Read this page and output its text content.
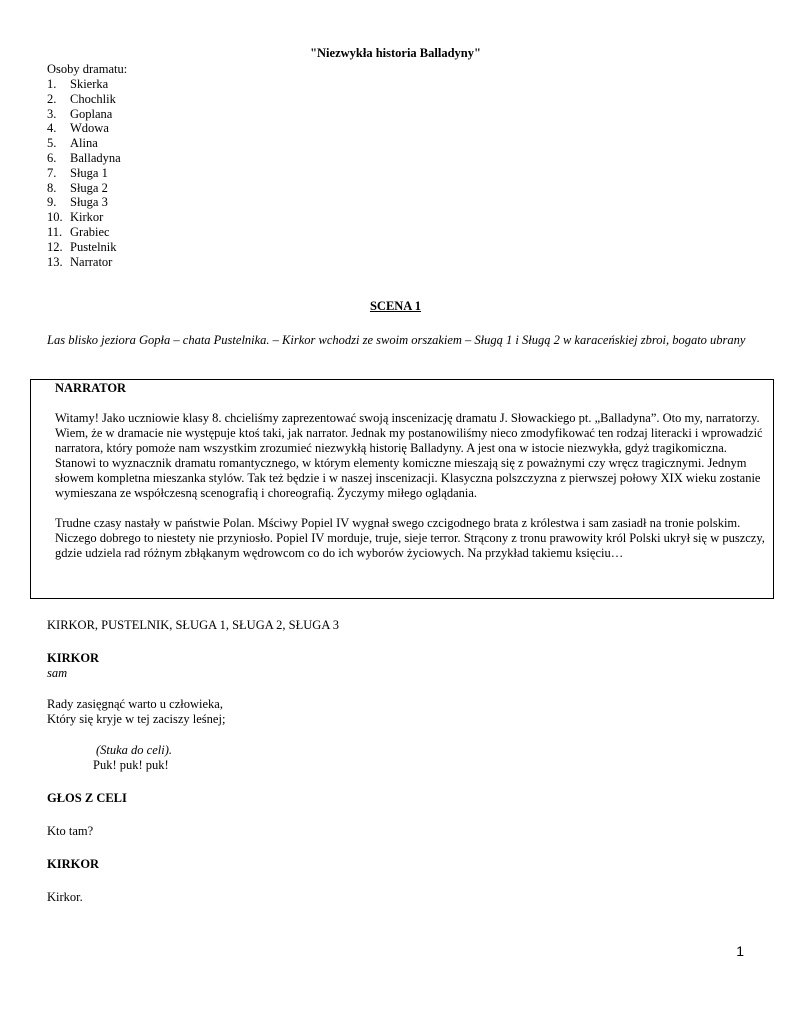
"Niezwykła historia Balladyny"
Osoby dramatu:
1. Skierka
2. Chochlik
3. Goplana
4. Wdowa
5. Alina
6. Balladyna
7. Sługa 1
8. Sługa 2
9. Sługa 3
10. Kirkor
11. Grabiec
12. Pustelnik
13. Narrator
SCENA 1
Las blisko jeziora Gopła – chata Pustelnika. – Kirkor wchodzi ze swoim orszakiem – Sługą 1 i Sługą 2 w karaceńskiej zbroi, bogato ubrany
NARRATOR

Witamy! Jako uczniowie klasy 8. chcieliśmy zaprezentować swoją inscenizację dramatu J. Słowackiego pt. „Balladyna”. Oto my, narratorzy. Wiem, że w dramacie nie występuje ktoś taki, jak narrator. Jednak my postanowiliśmy nieco zmodyfikować ten rodzaj literacki i wprowadzić narratora, który pomoże nam wszystkim zrozumieć niezwykłą historię Balladyny. A jest ona w istocie niezwykła, gdyż tragikomiczna. Stanowi to wyznacznik dramatu romantycznego, w którym elementy komiczne mieszają się z poważnymi czy wręcz tragicznymi. Jednym słowem kompletna mieszanka stylów. Tak też będzie i w naszej inscenizacji. Klasyczna polszczyzna z pierwszej połowy XIX wieku zostanie wymieszana ze współczesną scenografią i choreografią. Życzymy miłego oglądania.

Trudne czasy nastały w państwie Polan. Mściwy Popiel IV wygnał swego czcigodnego brata z królestwa i sam zasiadł na tronie polskim. Niczego dobrego to niestety nie przyniosło. Popiel IV morduje, truje, sieje terror. Strącony z tronu prawowity król Polski ukrył się w puszczy, gdzie udziela rad różnym zbłąkanym wędrowcom co do ich wyborów życiowych. Na przykład takiemu księciu…

KIRKOR, PUSTELNIK, SŁUGA 1, SŁUGA 2, SŁUGA 3
KIRKOR
sam
Rady zasięgnąć warto u człowieka,
Który się kryje w tej zaciszy leśnej;
(Stuka do celi).
Puk! puk! puk!
GŁOS Z CELI
Kto tam?
KIRKOR
Kirkor.
1
